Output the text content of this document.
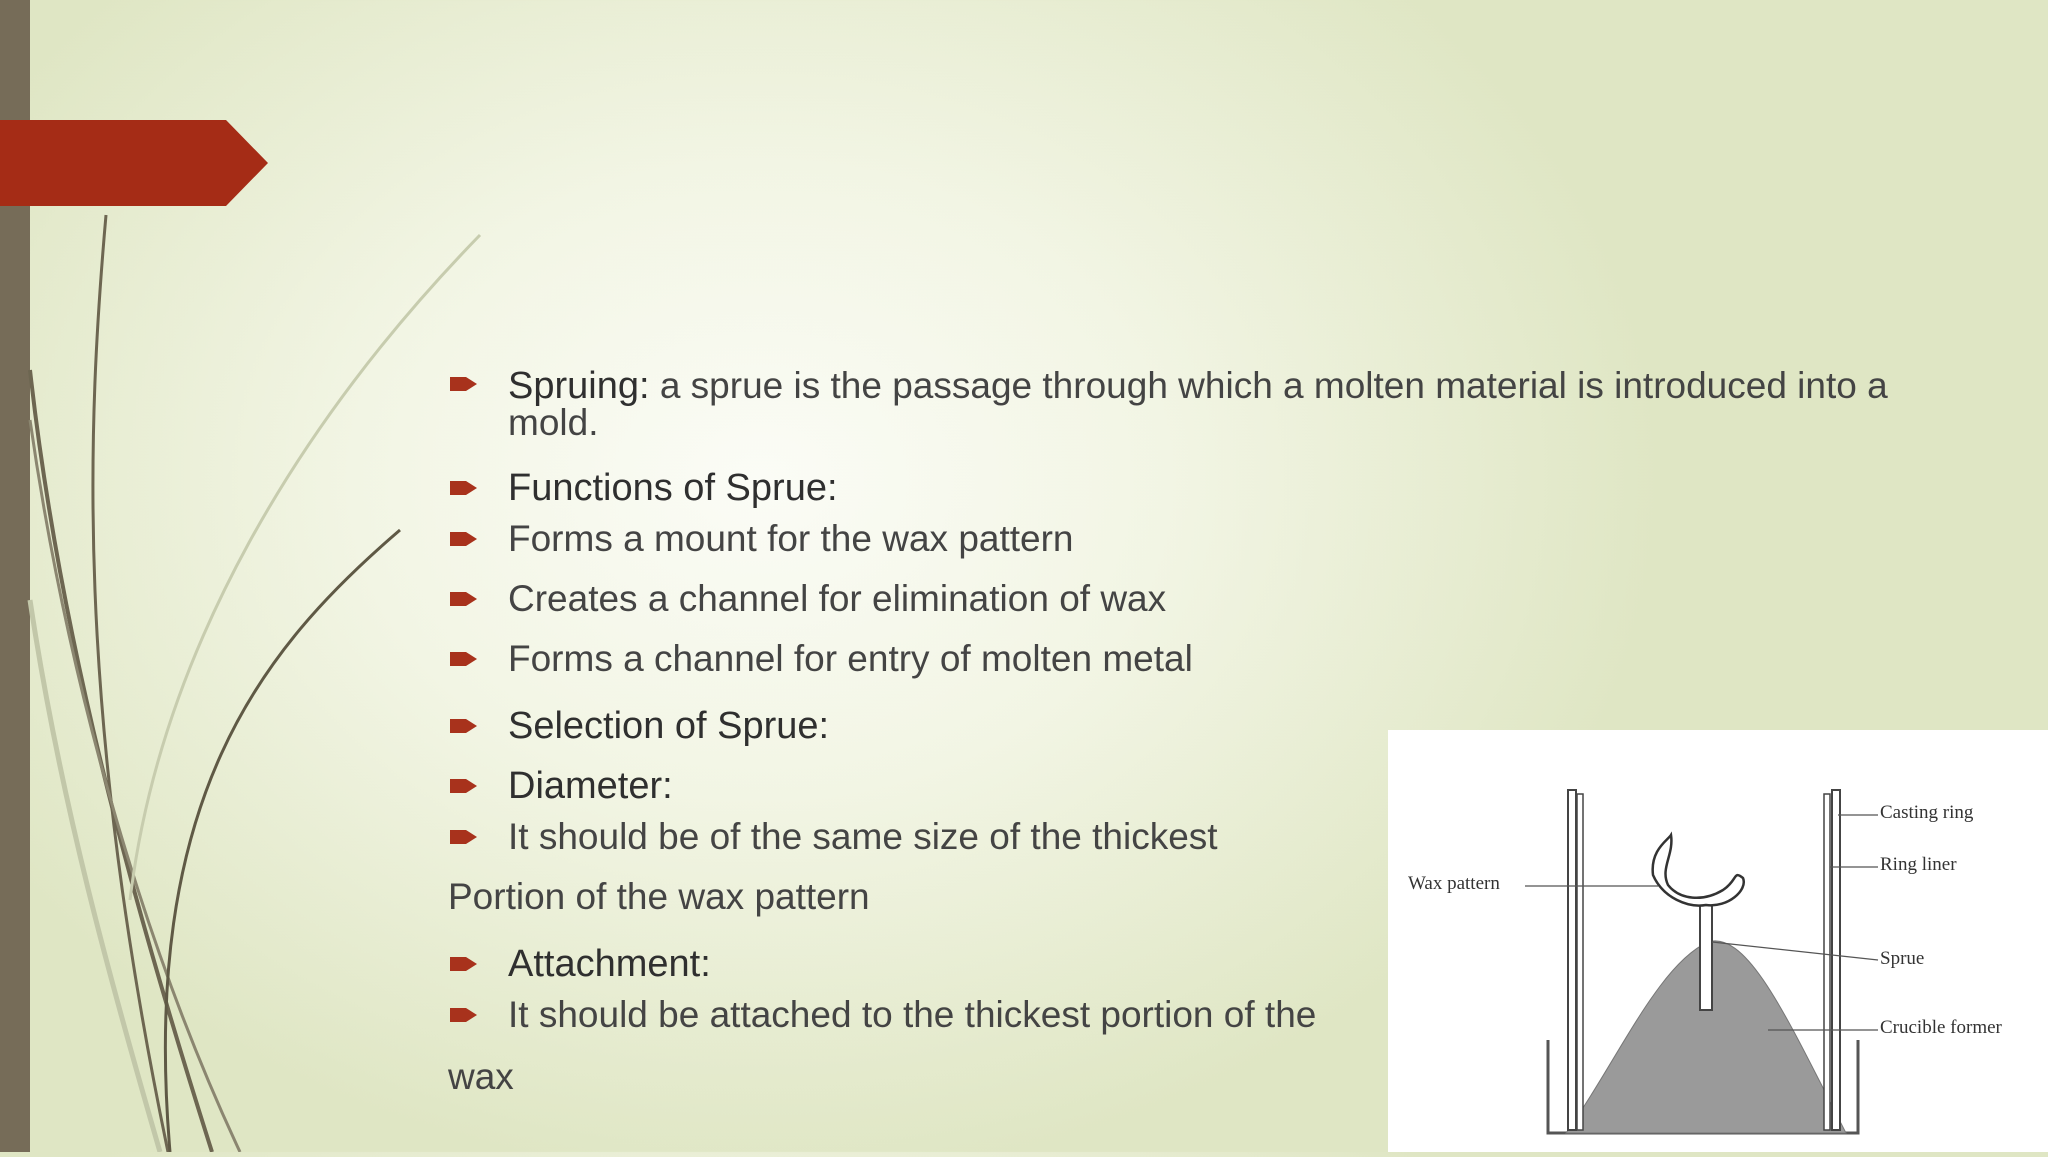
Spruing: a sprue is the passage through which a molten material is introduced into a mold.
Functions of Sprue:
Forms a mount for the wax pattern
Creates a channel for elimination of wax
Forms a channel for entry of molten metal
Selection of Sprue:
Diameter:
It should be of the same size of the thickest
Portion of the wax pattern
Attachment:
It should be attached to the thickest portion of the
wax
Casting ring
Ring liner
Wax pattern
Sprue
Crucible former
